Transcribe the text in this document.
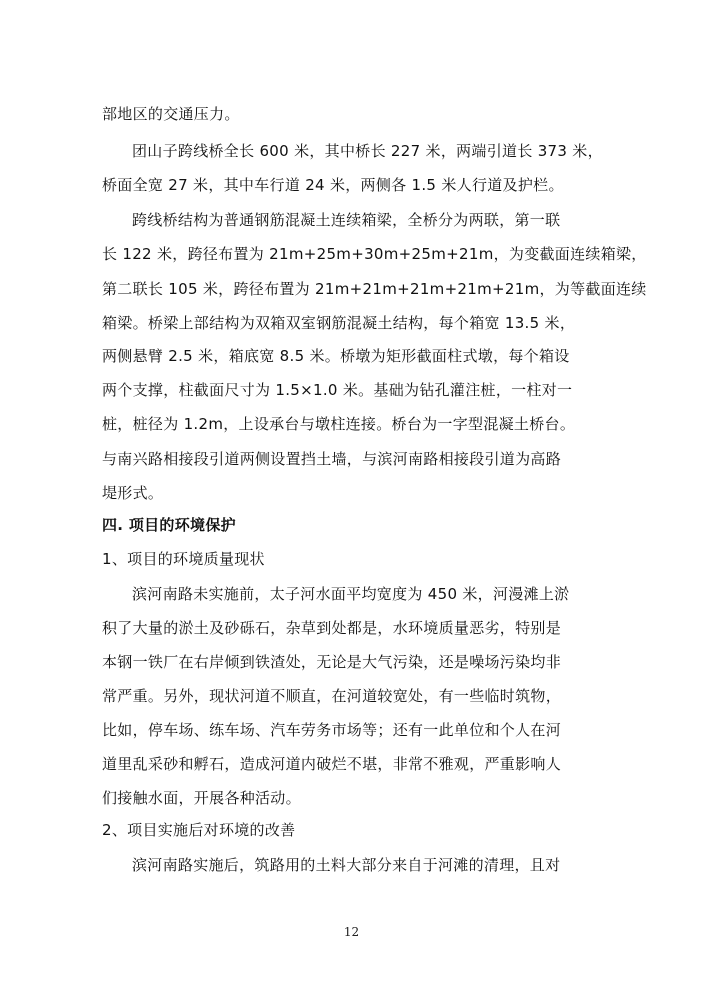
部地区的交通压力。
团山子跨线桥全长 600 米，其中桥长 227 米，两端引道长 373 米，
桥面全宽 27 米，其中车行道 24 米，两侧各 1.5 米人行道及护栏。
跨线桥结构为普通钢筋混凝土连续箱梁，全桥分为两联，第一联
长 122 米，跨径布置为 21m+25m+30m+25m+21m，为变截面连续箱梁，
第二联长 105 米，跨径布置为 21m+21m+21m+21m+21m，为等截面连续
箱梁。桥梁上部结构为双箱双室钢筋混凝土结构，每个箱宽 13.5 米，
两侧悬臂 2.5 米，箱底宽 8.5 米。桥墩为矩形截面柱式墩，每个箱设
两个支撑，柱截面尺寸为 1.5×1.0 米。基础为钻孔灌注桩，一柱对一
桩，桩径为 1.2m，上设承台与墩柱连接。桥台为一字型混凝土桥台。
与南兴路相接段引道两侧设置挡土墙，与滨河南路相接段引道为高路
堤形式。
四. 项目的环境保护
1、项目的环境质量现状
滨河南路未实施前，太子河水面平均宽度为 450 米，河漫滩上淤
积了大量的淤土及砂砾石，杂草到处都是，水环境质量恶劣，特别是
本钢一铁厂在右岸倾到铁渣处，无论是大气污染，还是噪场污染均非
常严重。另外，现状河道不顺直，在河道较宽处，有一些临时筑物，
比如，停车场、练车场、汽车劳务市场等；还有一此单位和个人在河
道里乱采砂和孵石，造成河道内破烂不堪，非常不雅观，严重影响人
们接触水面，开展各种活动。
2、项目实施后对环境的改善
滨河南路实施后，筑路用的土料大部分来自于河滩的清理，且对
12
